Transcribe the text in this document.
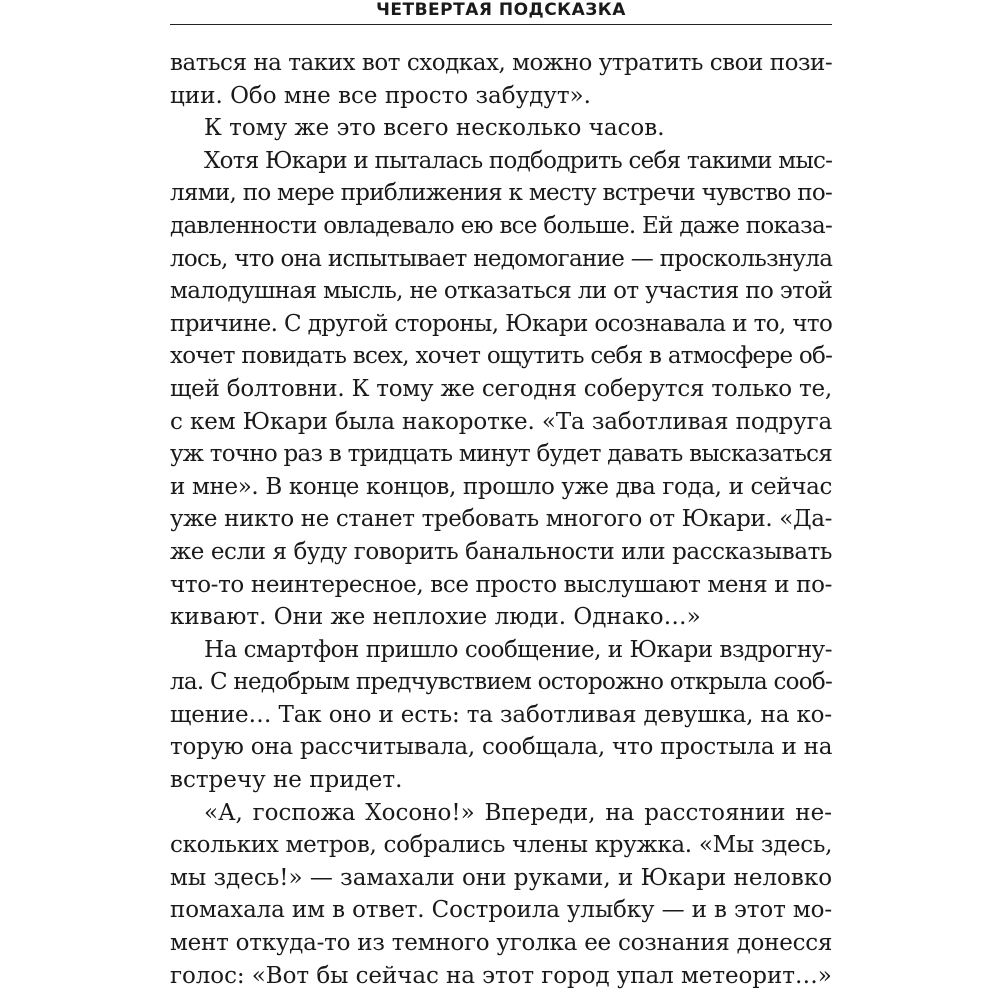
ЧЕТВЕРТАЯ ПОДСКАЗКА
ваться на таких вот сходках, можно утратить свои пози-
ции. Обо мне все просто забудут».
К тому же это всего несколько часов.
Хотя Юкари и пыталась подбодрить себя такими мыс-
лями, по мере приближения к месту встречи чувство по-
давленности овладевало ею все больше. Ей даже показа-
лось, что она испытывает недомогание — проскользнула
малодушная мысль, не отказаться ли от участия по этой
причине. С другой стороны, Юкари осознавала и то, что
хочет повидать всех, хочет ощутить себя в атмосфере об-
щей болтовни. К тому же сегодня соберутся только те,
с кем Юкари была накоротке. «Та заботливая подруга
уж точно раз в тридцать минут будет давать высказаться
и мне». В конце концов, прошло уже два года, и сейчас
уже никто не станет требовать многого от Юкари. «Да-
же если я буду говорить банальности или рассказывать
что-то неинтересное, все просто выслушают меня и по-
кивают. Они же неплохие люди. Однако…»
На смартфон пришло сообщение, и Юкари вздрогну-
ла. С недобрым предчувствием осторожно открыла сооб-
щение… Так оно и есть: та заботливая девушка, на ко-
торую она рассчитывала, сообщала, что простыла и на
встречу не придет.
«А, госпожа Хосоно!» Впереди, на расстоянии не-
скольких метров, собрались члены кружка. «Мы здесь,
мы здесь!» — замахали они руками, и Юкари неловко
помахала им в ответ. Состроила улыбку — и в этот мо-
мент откуда-то из темного уголка ее сознания донесся
голос: «Вот бы сейчас на этот город упал метеорит…»
